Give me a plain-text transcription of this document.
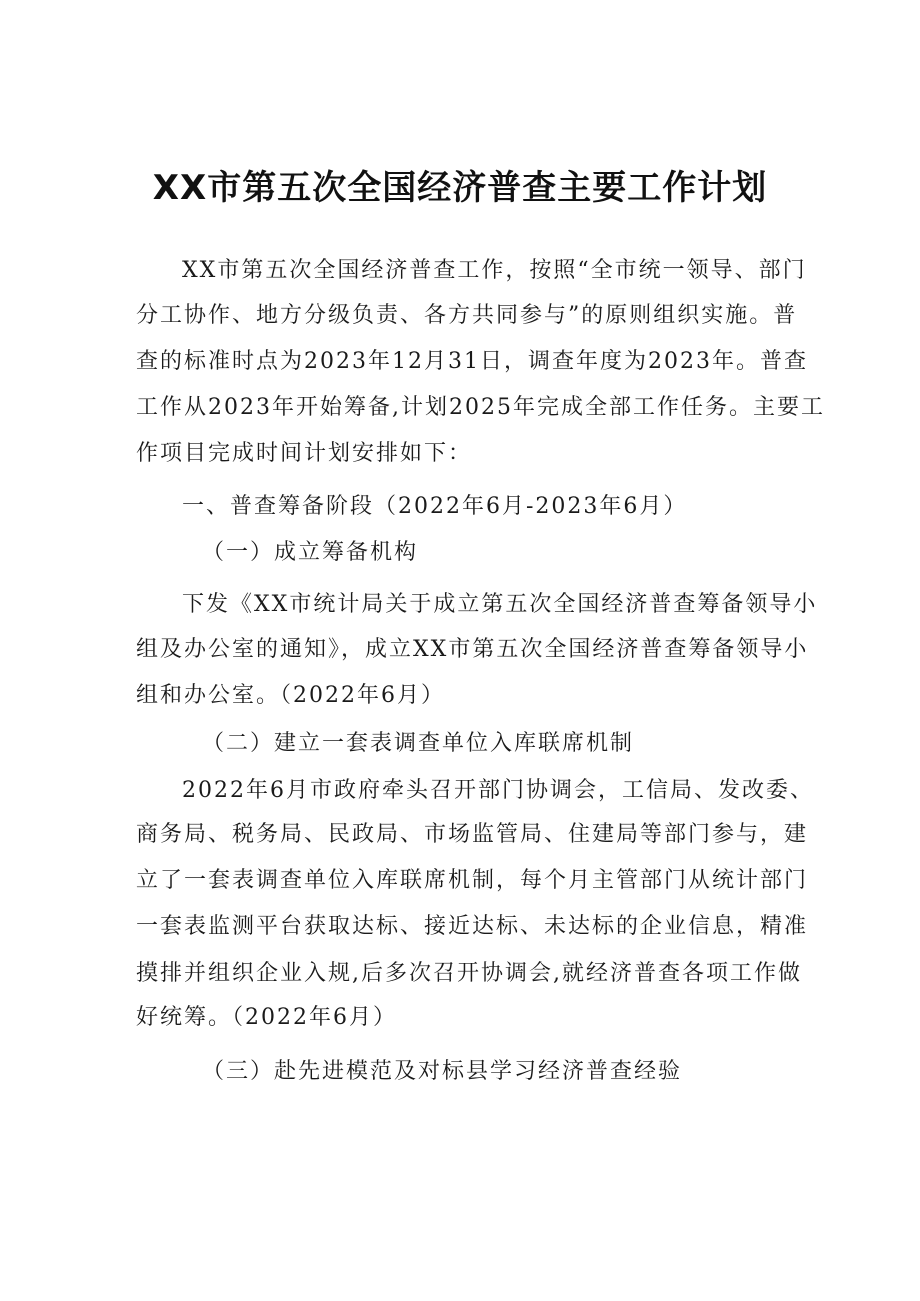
XX市第五次全国经济普查主要工作计划

XX市第五次全国经济普查工作，按照“全市统一领导、部门

分工协作、地方分级负责、各方共同参与”的原则组织实施。普

查的标准时点为2023年12月31日，调查年度为2023年。普查

工作从2023年开始筹备,计划2025年完成全部工作任务。主要工

作项目完成时间计划安排如下：

一、普查筹备阶段（2022年6月-2023年6月）

（一）成立筹备机构

下发《XX市统计局关于成立第五次全国经济普查筹备领导小

组及办公室的通知》，成立XX市第五次全国经济普查筹备领导小

组和办公室。（2022年6月）

（二）建立一套表调查单位入库联席机制

2022年6月市政府牵头召开部门协调会，工信局、发改委、

商务局、税务局、民政局、市场监管局、住建局等部门参与，建

立了一套表调查单位入库联席机制，每个月主管部门从统计部门

一套表监测平台获取达标、接近达标、未达标的企业信息，精准

摸排并组织企业入规,后多次召开协调会,就经济普查各项工作做

好统筹。（2022年6月）

（三）赴先进模范及对标县学习经济普查经验
